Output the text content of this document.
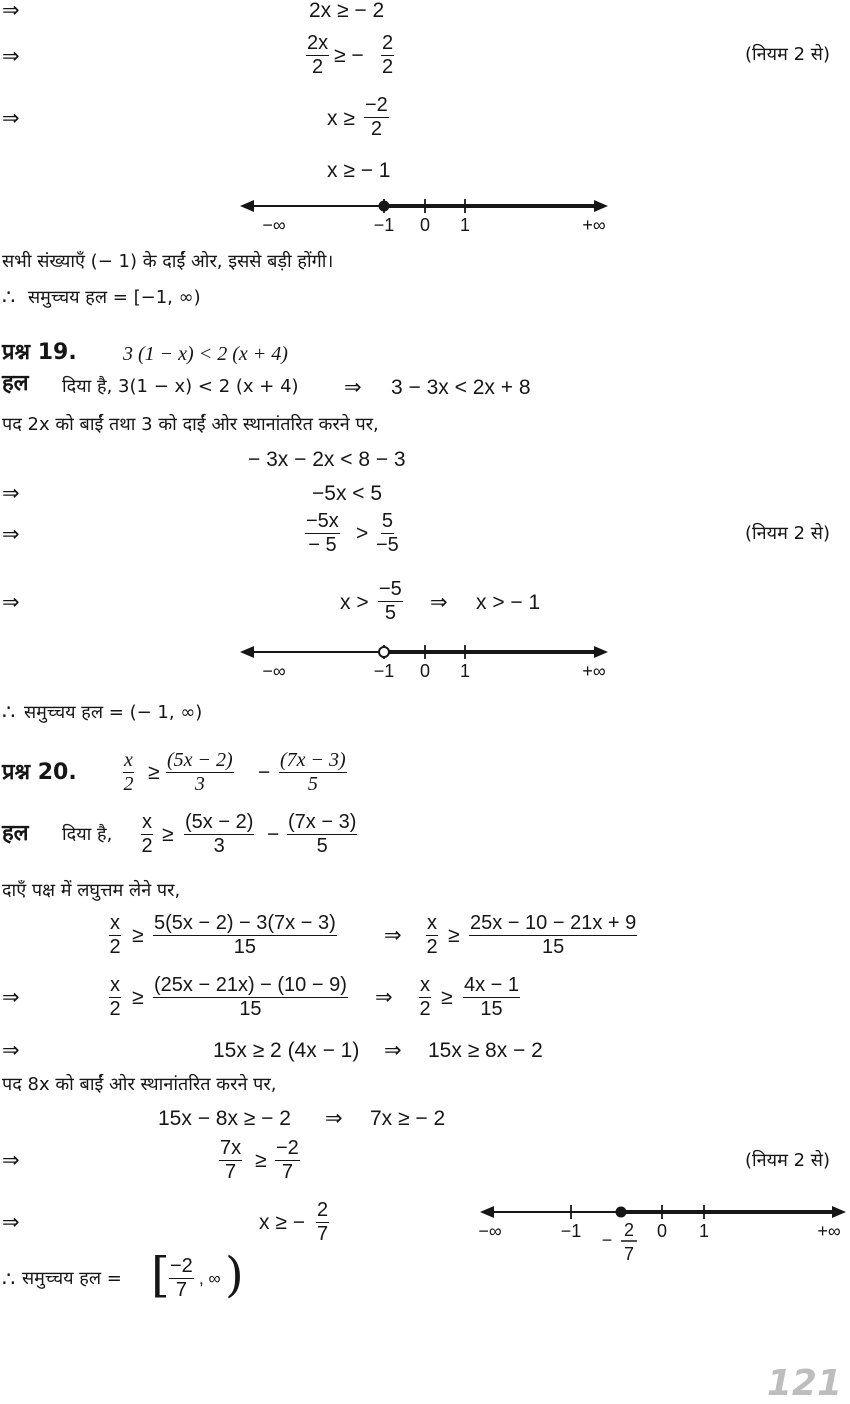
⇒	2x ≥ − 2
⇒	$\frac{2x}{2}$ ≥ − $\frac{2}{2}$	(नियम 2 से)
⇒	$x \ge \frac{-2}{2}$
x ≥ − 1
−∞	−1 0 1	+∞
सभी संख्याएँ (− 1) के दाईं ओर, इससे बड़ी होंगी।
∴ समुच्चय हल = [−1, ∞)
प्रश्न 19. 3 (1 − x) < 2 (x + 4)
हल दिया है, 3(1 − x) < 2 (x + 4) ⇒ 3 − 3x < 2x + 8
पद 2x को बाईं तथा 3 को दाईं ओर स्थानांतरित करने पर,
− 3x − 2x < 8 − 3
⇒	−5x < 5
⇒	$\frac{-5x}{- 5} > \frac{5}{-5}$	(नियम 2 से)
⇒	$x > \frac{-5}{5}$ ⇒ x > − 1
−∞	−1 0 1	+∞
∴ समुच्चय हल = (− 1, ∞)
प्रश्न 20. $\frac{x}{2} \ge \frac{(5x - 2)}{3} - \frac{(7x - 3)}{5}$
हल दिया है, $\frac{x}{2} \ge \frac{(5x - 2)}{3} - \frac{(7x - 3)}{5}$
दाएँ पक्ष में लघुत्तम लेने पर,
$\frac{x}{2} \ge \frac{5(5x - 2) - 3(7x - 3)}{15}$ ⇒ $\frac{x}{2} \ge \frac{25x - 10 - 21x + 9}{15}$
⇒	$\frac{x}{2} \ge \frac{(25x - 21x) - (10 - 9)}{15}$ ⇒ $\frac{x}{2} \ge \frac{4x - 1}{15}$
⇒	15x ≥ 2 (4x − 1) ⇒ 15x ≥ 8x − 2
पद 8x को बाईं ओर स्थानांतरित करने पर,
15x − 8x ≥ − 2 ⇒ 7x ≥ − 2
⇒	$\frac{7x}{7} \ge \frac{-2}{7}$	(नियम 2 से)
⇒	x ≥ − $\frac{2}{7}$	−∞	−1	0 1	+∞
− 2
7
∴ समुच्चय हल = [ $\frac{-2}{7}$ , ∞ )
121
